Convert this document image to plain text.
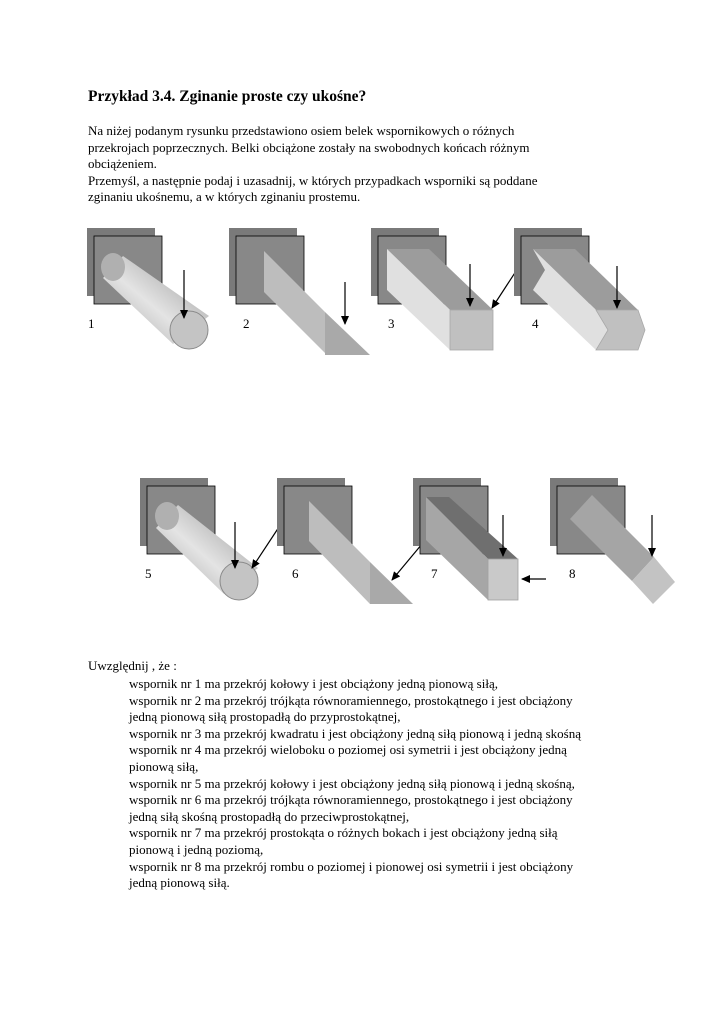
Przykład 3.4. Zginanie proste czy ukośne?

Na niżej podanym rysunku przedstawiono osiem belek wspornikowych o różnych
przekrojach poprzecznych. Belki obciążone zostały na swobodnych końcach różnym
obciążeniem.
Przemyśl, a następnie podaj i uzasadnij, w których przypadkach wsporniki są poddane
zginaniu ukośnemu, a w których zginaniu prostemu.

1	2	3	4
5	6	7	8

Uwzględnij , że :

wspornik nr 1 ma przekrój kołowy i jest obciążony jedną pionową siłą,
wspornik nr 2 ma przekrój trójkąta równoramiennego, prostokątnego i jest obciążony
jedną pionową siłą prostopadłą do przyprostokątnej,
wspornik nr 3 ma przekrój kwadratu i jest obciążony jedną siłą pionową i jedną skośną
wspornik nr 4 ma przekrój wieloboku o poziomej osi symetrii i jest obciążony jedną
pionową siłą,
wspornik nr 5 ma przekrój kołowy i jest obciążony jedną siłą pionową i jedną skośną,
wspornik nr 6 ma przekrój trójkąta równoramiennego, prostokątnego i jest obciążony
jedną siłą skośną prostopadłą do przeciwprostokątnej,
wspornik nr 7 ma przekrój prostokąta o różnych bokach i jest obciążony jedną siłą
pionową i jedną poziomą,
wspornik nr 8 ma przekrój rombu o poziomej i pionowej osi symetrii i jest obciążony
jedną pionową siłą.
